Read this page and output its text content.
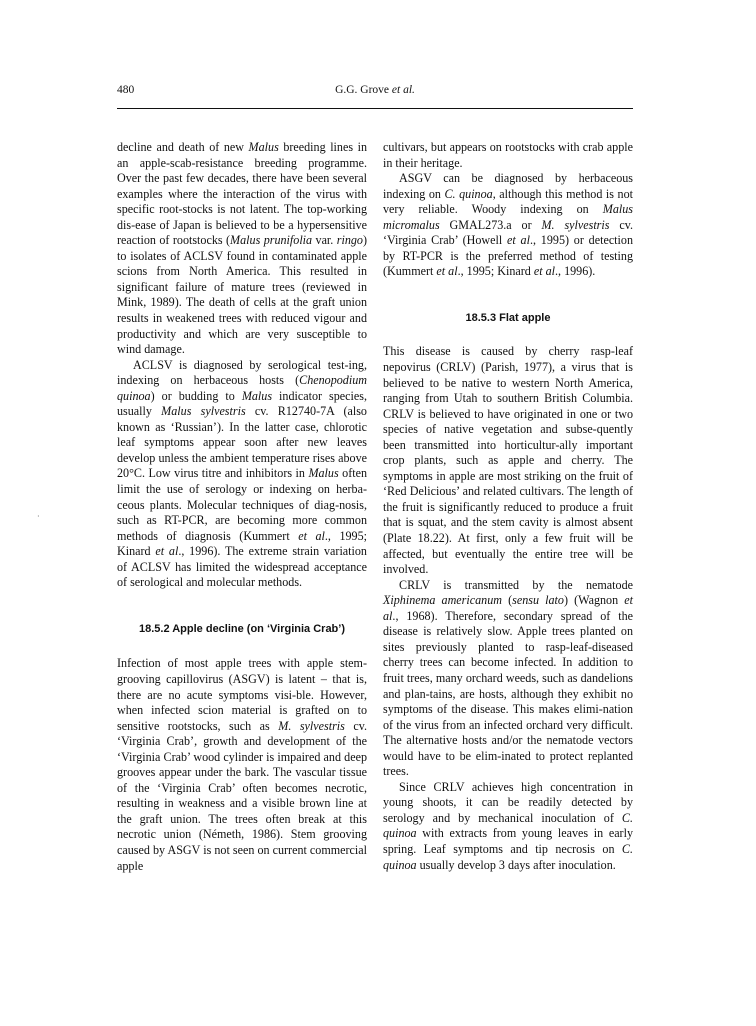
480	G.G. Grove et al.
·

decline and death of new Malus breeding lines in an apple-scab-resistance breeding programme. Over the past few decades, there have been several examples where the interaction of the virus with specific root-stocks is not latent. The top-working dis-ease of Japan is believed to be a hypersensitive reaction of rootstocks (Malus prunifolia var. ringo) to isolates of ACLSV found in contaminated apple scions from North America. This resulted in significant failure of mature trees (reviewed in Mink, 1989). The death of cells at the graft union results in weakened trees with reduced vigour and productivity and which are very susceptible to wind damage.

ACLSV is diagnosed by serological test-ing, indexing on herbaceous hosts (Chenopodium quinoa) or budding to Malus indicator species, usually Malus sylvestris cv. R12740-7A (also known as ‘Russian’). In the latter case, chlorotic leaf symptoms appear soon after new leaves develop unless the ambient temperature rises above 20°C. Low virus titre and inhibitors in Malus often limit the use of serology or indexing on herba-ceous plants. Molecular techniques of diag-nosis, such as RT-PCR, are becoming more common methods of diagnosis (Kummert et al., 1995; Kinard et al., 1996). The extreme strain variation of ACLSV has limited the widespread acceptance of serological and molecular methods.

18.5.2 Apple decline (on ‘Virginia Crab’)

Infection of most apple trees with apple stem-grooving capillovirus (ASGV) is latent – that is, there are no acute symptoms visi-ble. However, when infected scion material is grafted on to sensitive rootstocks, such as M. sylvestris cv. ‘Virginia Crab’, growth and development of the ‘Virginia Crab’ wood cylinder is impaired and deep grooves appear under the bark. The vascular tissue of the ‘Virginia Crab’ often becomes necrotic, resulting in weakness and a visible brown line at the graft union. The trees often break at this necrotic union (Németh, 1986). Stem grooving caused by ASGV is not seen on current commercial apple

cultivars, but appears on rootstocks with crab apple in their heritage.

ASGV can be diagnosed by herbaceous indexing on C. quinoa, although this method is not very reliable. Woody indexing on Malus micromalus GMAL273.a or M. sylvestris cv. ‘Virginia Crab’ (Howell et al., 1995) or detection by RT-PCR is the preferred method of testing (Kummert et al., 1995; Kinard et al., 1996).

18.5.3 Flat apple

This disease is caused by cherry rasp-leaf nepovirus (CRLV) (Parish, 1977), a virus that is believed to be native to western North America, ranging from Utah to southern British Columbia. CRLV is believed to have originated in one or two species of native vegetation and subse-quently been transmitted into horticultur-ally important crop plants, such as apple and cherry. The symptoms in apple are most striking on the fruit of ‘Red Delicious’ and related cultivars. The length of the fruit is significantly reduced to produce a fruit that is squat, and the stem cavity is almost absent (Plate 18.22). At first, only a few fruit will be affected, but eventually the entire tree will be involved.

CRLV is transmitted by the nematode Xiphinema americanum (sensu lato) (Wagnon et al., 1968). Therefore, secondary spread of the disease is relatively slow. Apple trees planted on sites previously planted to rasp-leaf-diseased cherry trees can become infected. In addition to fruit trees, many orchard weeds, such as dandelions and plan-tains, are hosts, although they exhibit no symptoms of the disease. This makes elimi-nation of the virus from an infected orchard very difficult. The alternative hosts and/or the nematode vectors would have to be elim-inated to protect replanted trees.

Since CRLV achieves high concentration in young shoots, it can be readily detected by serology and by mechanical inoculation of C. quinoa with extracts from young leaves in early spring. Leaf symptoms and tip necrosis on C. quinoa usually develop 3 days after inoculation.
